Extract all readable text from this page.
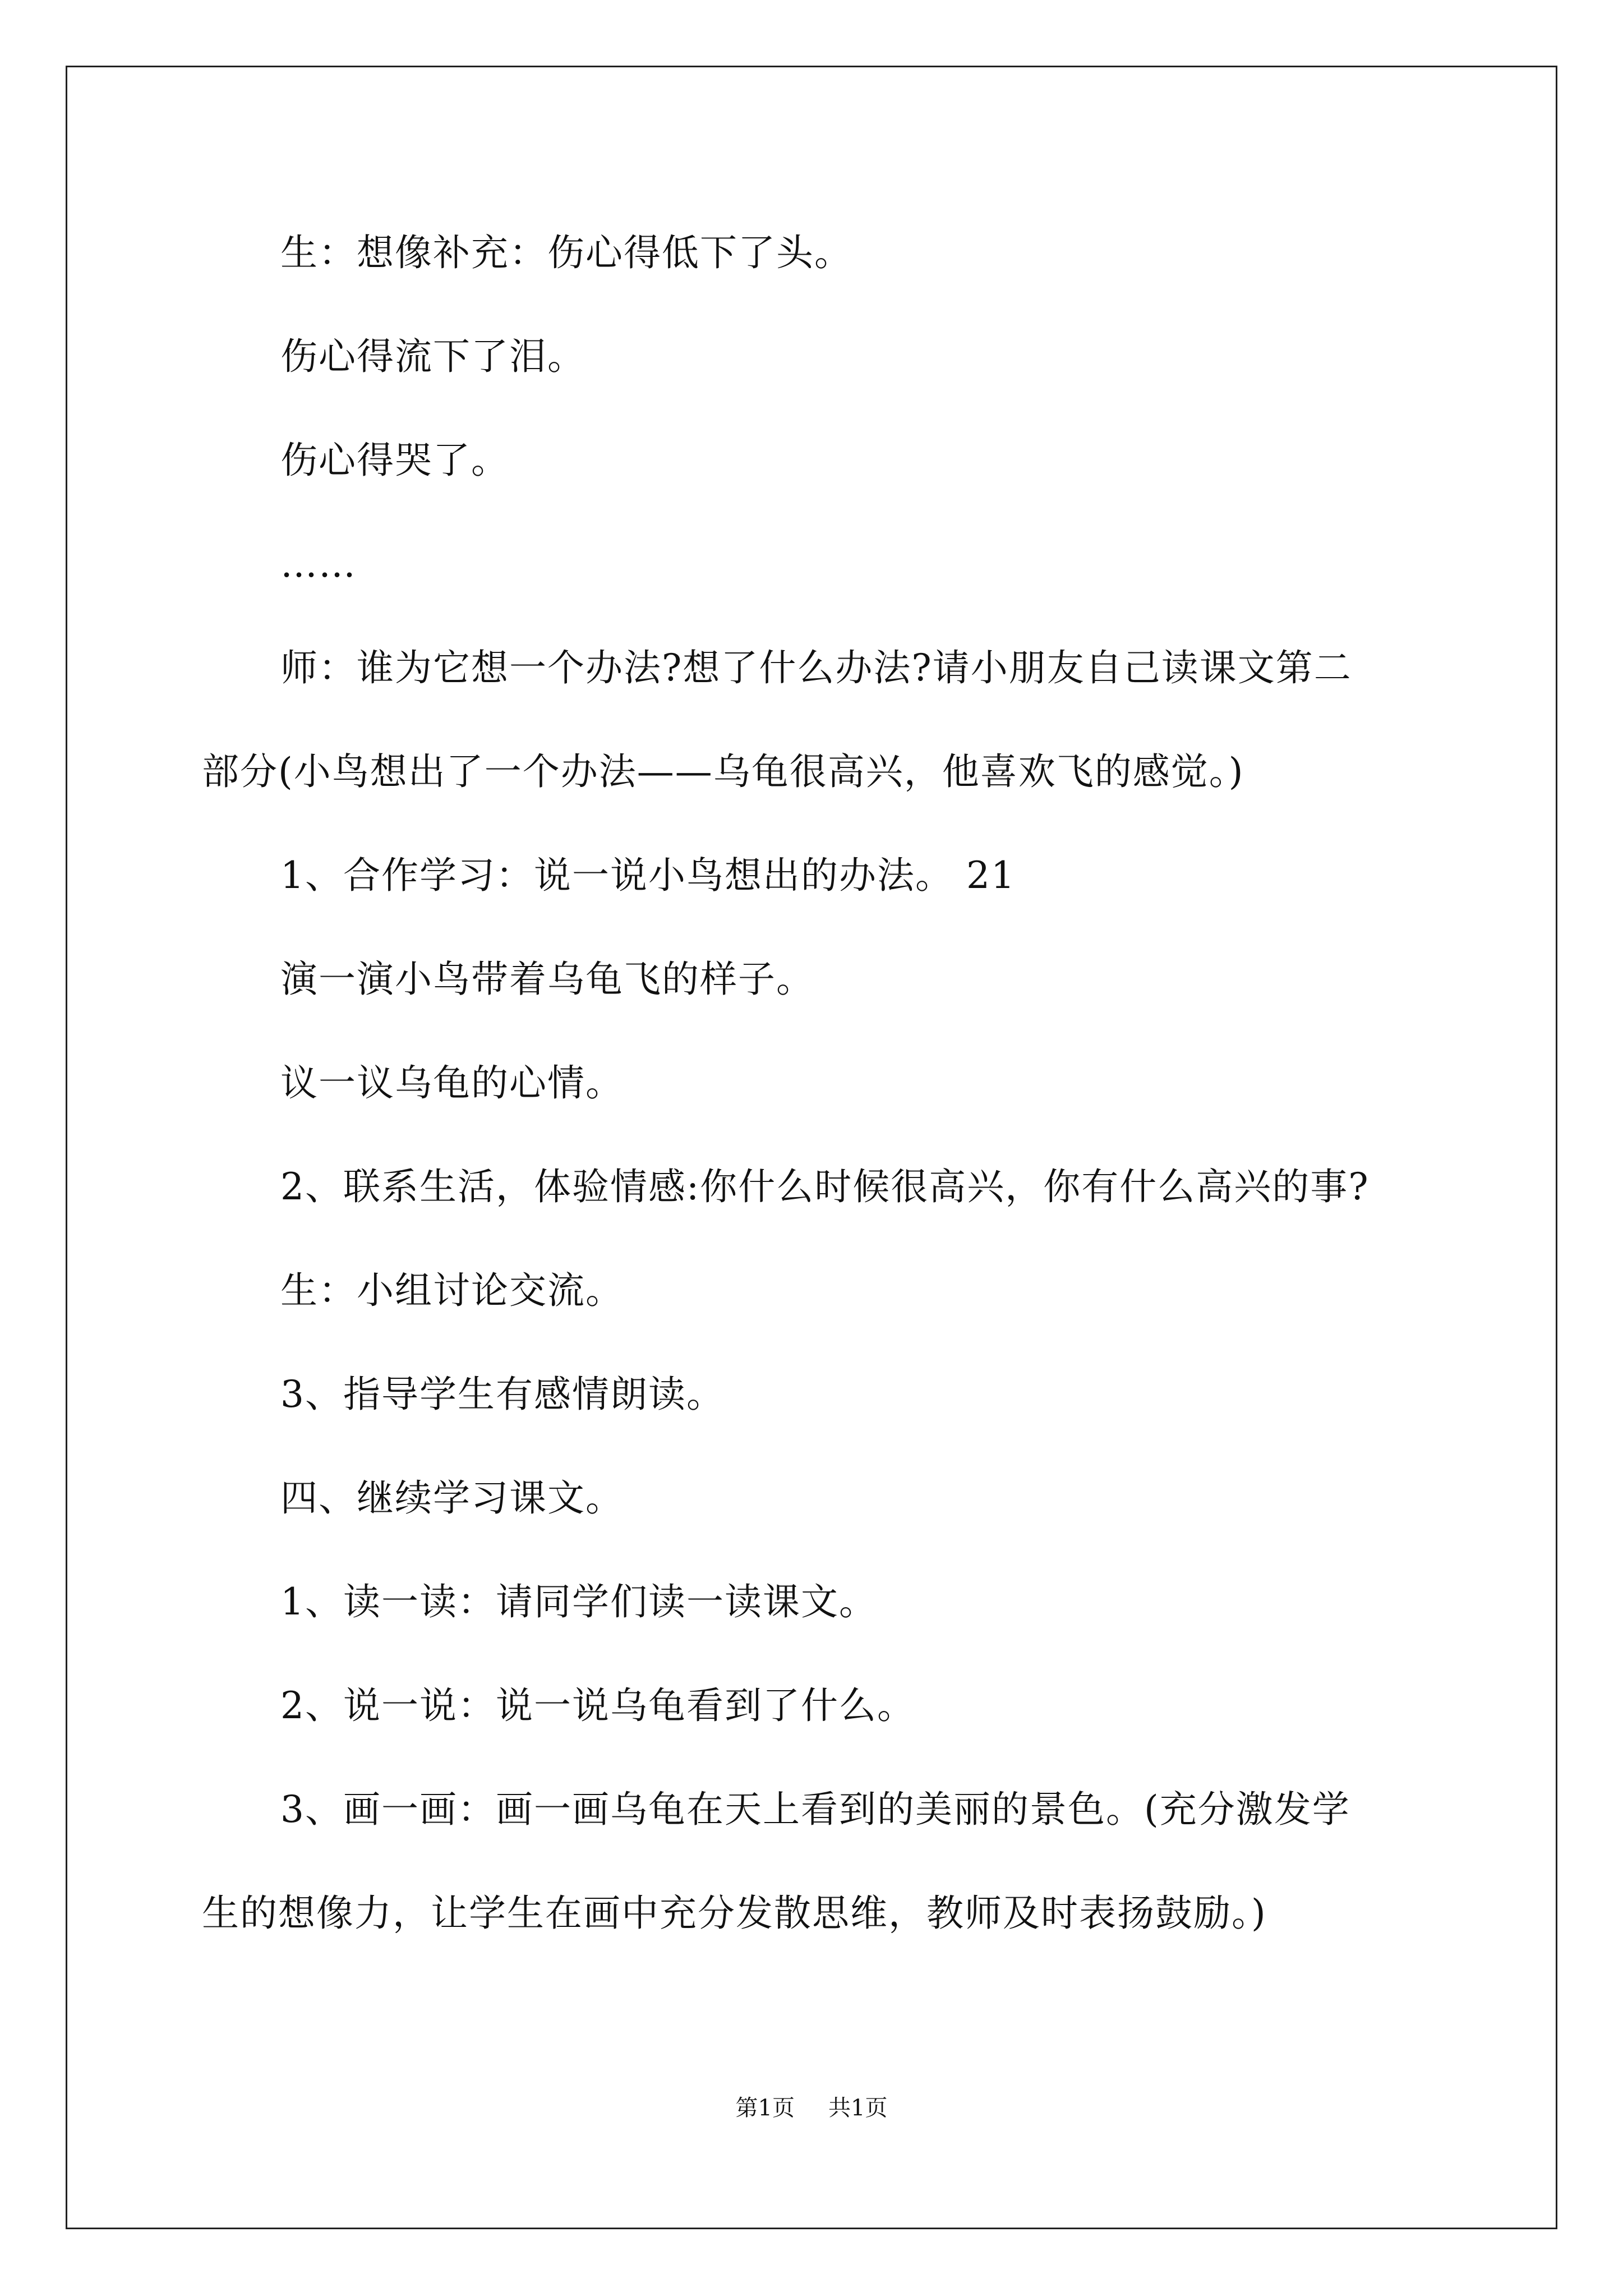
生：想像补充：伤心得低下了头。
伤心得流下了泪。
伤心得哭了。
……
师：谁为它想一个办法?想了什么办法?请小朋友自己读课文第二
部分(小鸟想出了一个办法——乌龟很高兴，他喜欢飞的感觉。)
1、合作学习：说一说小鸟想出的办法。 21
演一演小鸟带着乌龟飞的样子。
议一议乌龟的心情。
2、联系生活，体验情感:你什么时候很高兴，你有什么高兴的事?
生：小组讨论交流。
3、指导学生有感情朗读。
四、继续学习课文。
1、读一读：请同学们读一读课文。
2、说一说：说一说乌龟看到了什么。
3、画一画：画一画乌龟在天上看到的美丽的景色。(充分激发学
生的想像力，让学生在画中充分发散思维，教师及时表扬鼓励。)
第1页 共1页
